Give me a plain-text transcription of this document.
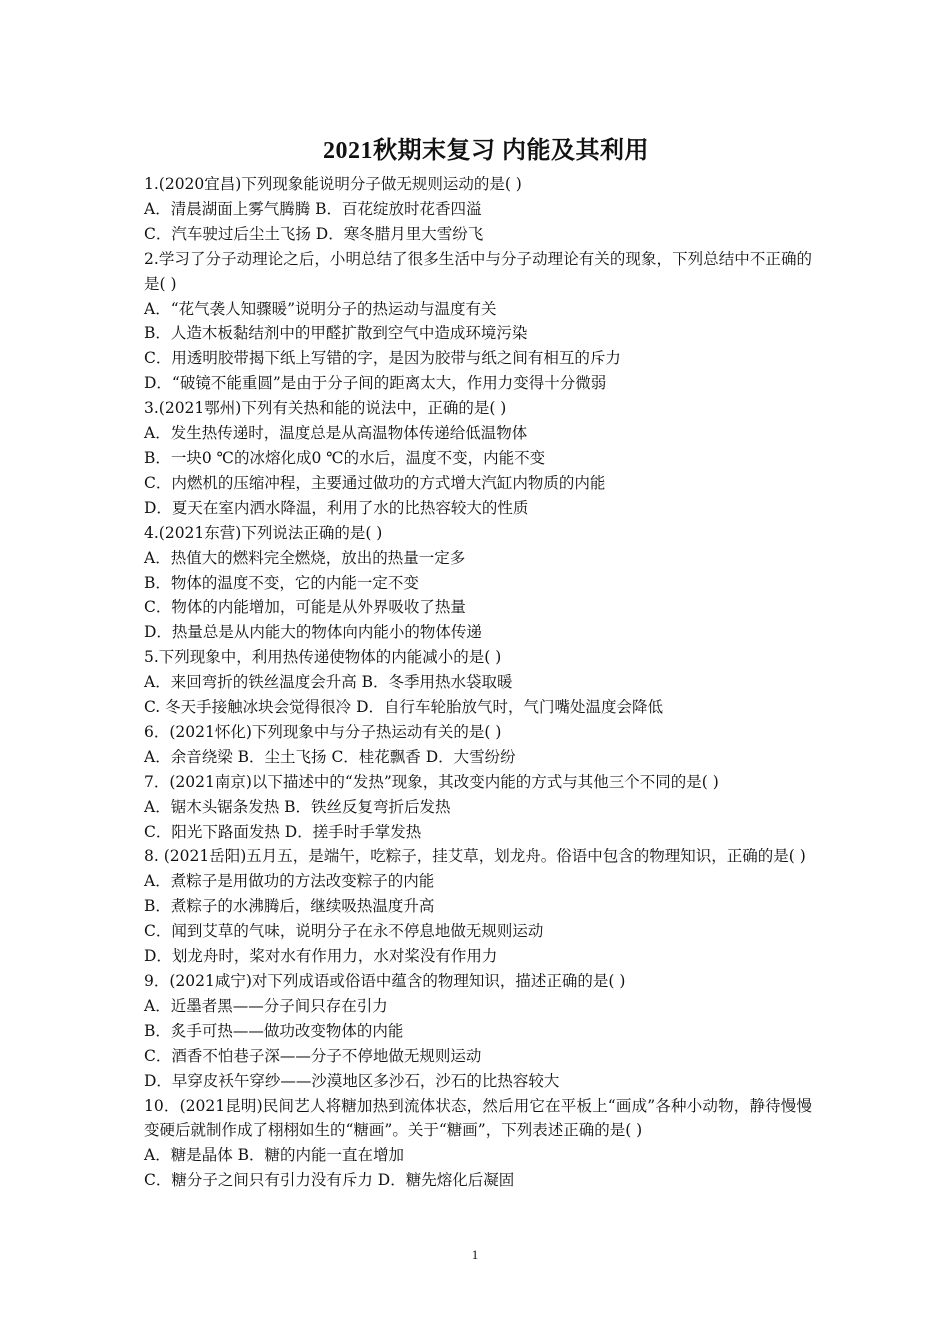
2021秋期末复习 内能及其利用
1.(2020宜昌)下列现象能说明分子做无规则运动的是( )
A．清晨湖面上雾气腾腾 B．百花绽放时花香四溢
C．汽车驶过后尘土飞扬 D．寒冬腊月里大雪纷飞
2.学习了分子动理论之后，小明总结了很多生活中与分子动理论有关的现象，下列总结中不正确的是( )
A．“花气袭人知骤暖”说明分子的热运动与温度有关
B．人造木板黏结剂中的甲醛扩散到空气中造成环境污染
C．用透明胶带揭下纸上写错的字，是因为胶带与纸之间有相互的斥力
D．“破镜不能重圆”是由于分子间的距离太大，作用力变得十分微弱
3.(2021鄂州)下列有关热和能的说法中，正确的是( )
A．发生热传递时，温度总是从高温物体传递给低温物体
B．一块0 ℃的冰熔化成0 ℃的水后，温度不变，内能不变
C．内燃机的压缩冲程，主要通过做功的方式增大汽缸内物质的内能
D．夏天在室内洒水降温，利用了水的比热容较大的性质
4.(2021东营)下列说法正确的是( )
A．热值大的燃料完全燃烧，放出的热量一定多
B．物体的温度不变，它的内能一定不变
C．物体的内能增加，可能是从外界吸收了热量
D．热量总是从内能大的物体向内能小的物体传递
5.下列现象中，利用热传递使物体的内能减小的是( )
A．来回弯折的铁丝温度会升高 B．冬季用热水袋取暖
C. 冬天手接触冰块会觉得很冷 D．自行车轮胎放气时，气门嘴处温度会降低
6．(2021怀化)下列现象中与分子热运动有关的是( )
A．余音绕梁 B．尘土飞扬 C．桂花飘香 D．大雪纷纷
7．(2021南京)以下描述中的“发热”现象，其改变内能的方式与其他三个不同的是( )
A．锯木头锯条发热 B．铁丝反复弯折后发热
C．阳光下路面发热 D．搓手时手掌发热
8. (2021岳阳)五月五，是端午，吃粽子，挂艾草，划龙舟。俗语中包含的物理知识，正确的是( )
A．煮粽子是用做功的方法改变粽子的内能
B．煮粽子的水沸腾后，继续吸热温度升高
C．闻到艾草的气味，说明分子在永不停息地做无规则运动
D．划龙舟时，桨对水有作用力，水对桨没有作用力
9．(2021咸宁)对下列成语或俗语中蕴含的物理知识，描述正确的是( )
A．近墨者黑——分子间只存在引力
B．炙手可热——做功改变物体的内能
C．酒香不怕巷子深——分子不停地做无规则运动
D．早穿皮袄午穿纱——沙漠地区多沙石，沙石的比热容较大
10．(2021昆明)民间艺人将糖加热到流体状态，然后用它在平板上“画成”各种小动物，静待慢慢变硬后就制作成了栩栩如生的“糖画”。关于“糖画”，下列表述正确的是( )
A．糖是晶体 B．糖的内能一直在增加
C．糖分子之间只有引力没有斥力 D．糖先熔化后凝固
1
